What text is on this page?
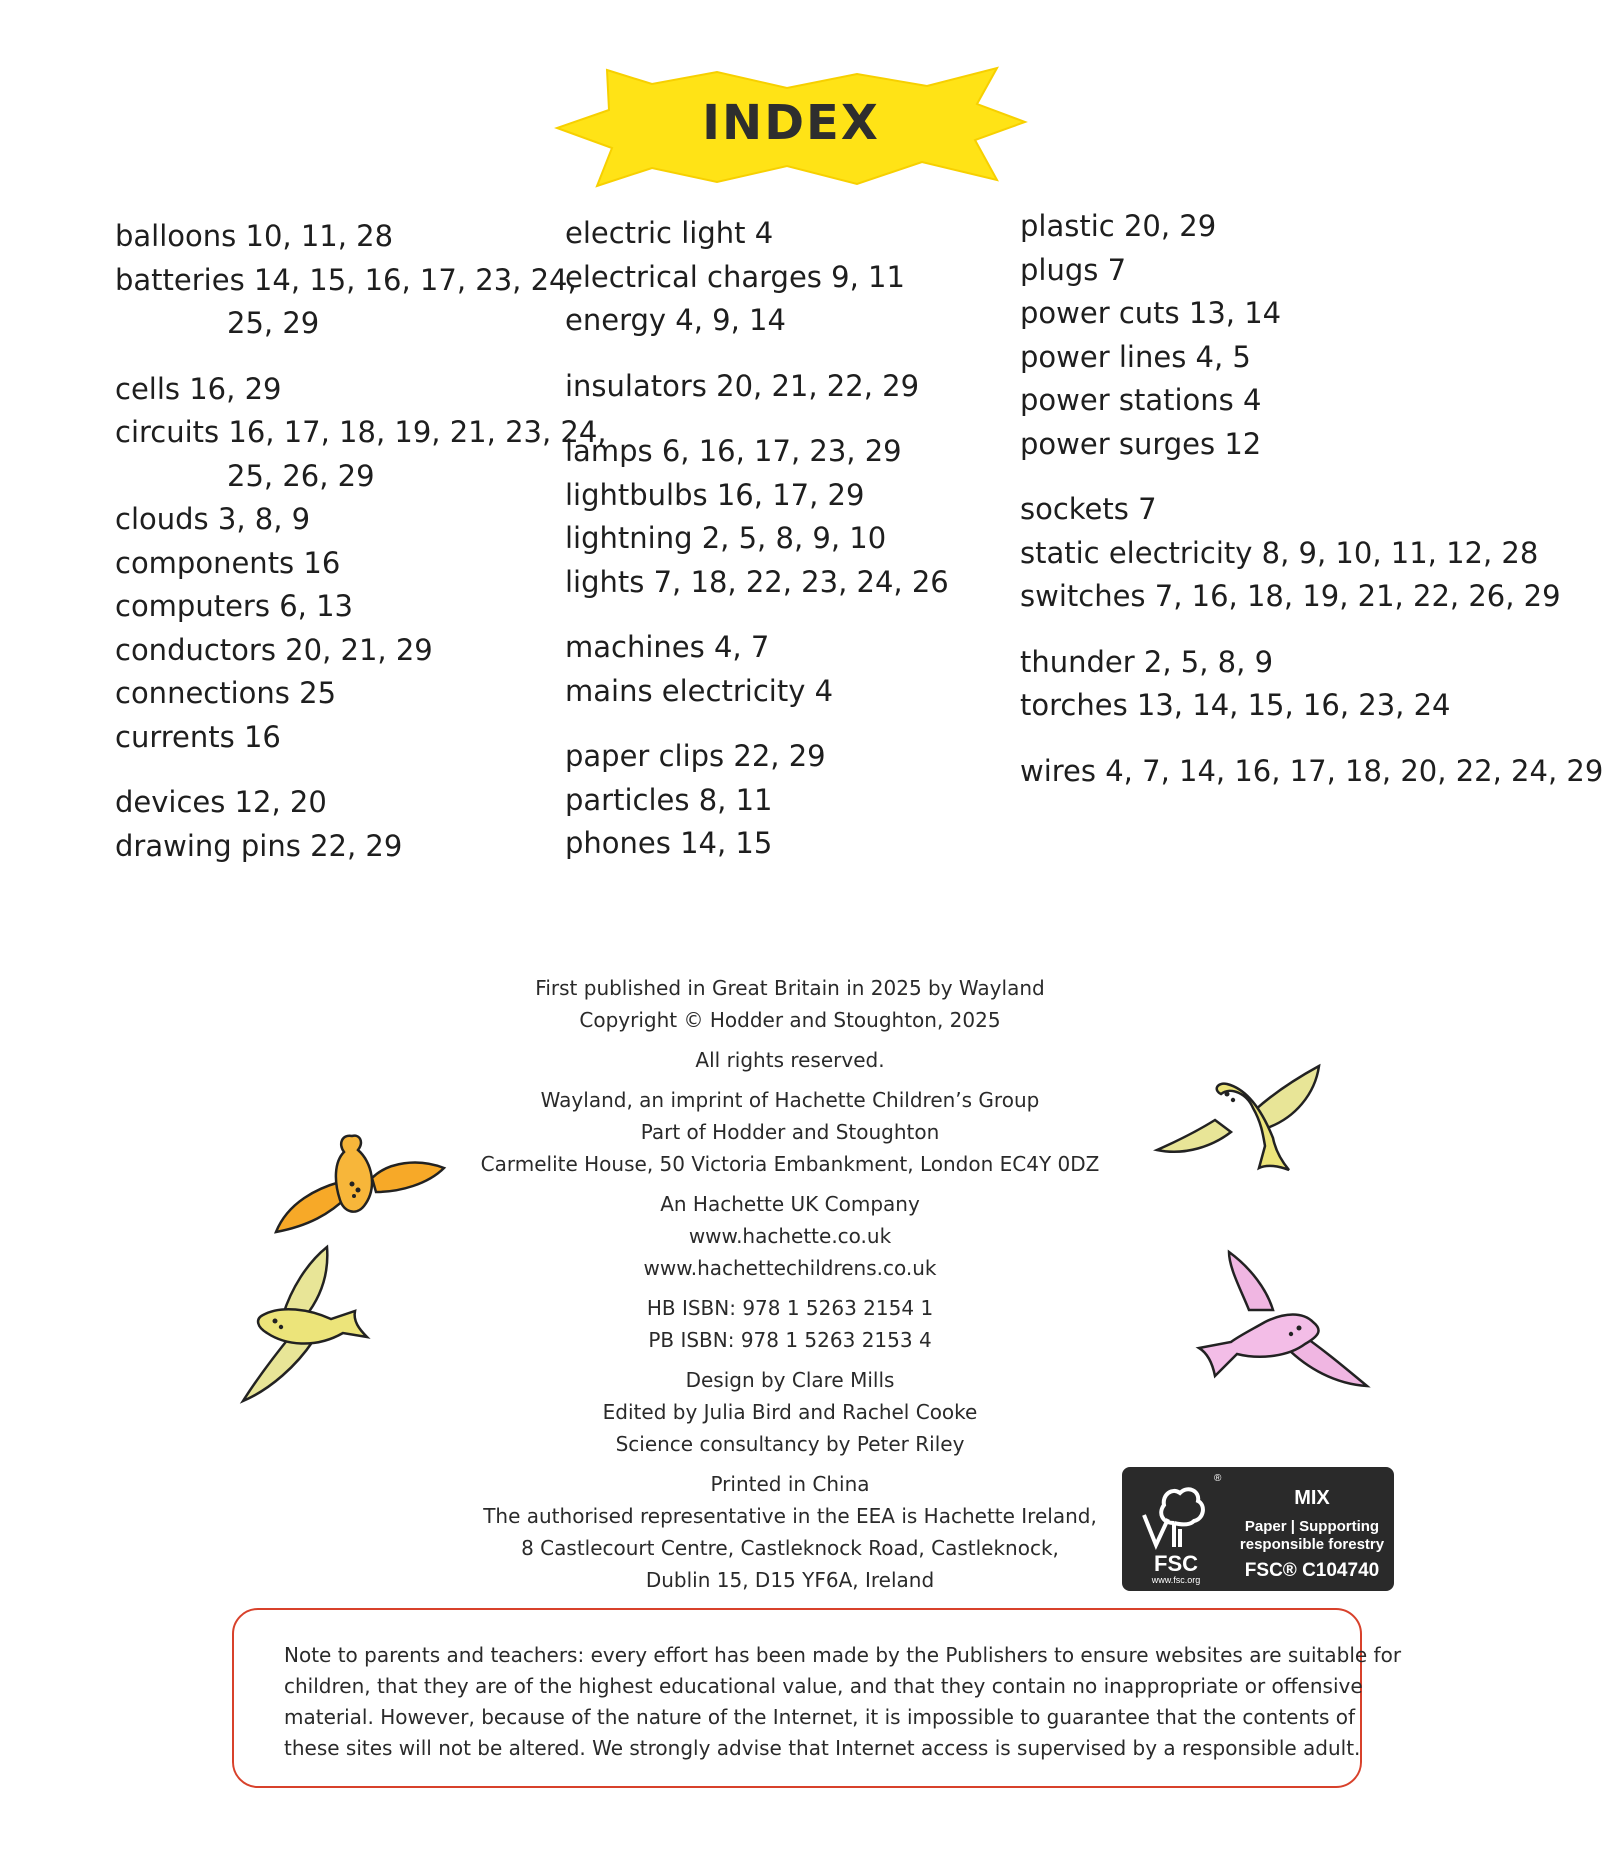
INDEX
balloons 10, 11, 28
batteries 14, 15, 16, 17, 23, 24,
25, 29
cells 16, 29
circuits 16, 17, 18, 19, 21, 23, 24,
25, 26, 29
clouds 3, 8, 9
components 16
computers 6, 13
conductors 20, 21, 29
connections 25
currents 16
devices 12, 20
drawing pins 22, 29
electric light 4
electrical charges 9, 11
energy 4, 9, 14
insulators 20, 21, 22, 29
lamps 6, 16, 17, 23, 29
lightbulbs 16, 17, 29
lightning 2, 5, 8, 9, 10
lights 7, 18, 22, 23, 24, 26
machines 4, 7
mains electricity 4
paper clips 22, 29
particles 8, 11
phones 14, 15
plastic 20, 29
plugs 7
power cuts 13, 14
power lines 4, 5
power stations 4
power surges 12
sockets 7
static electricity 8, 9, 10, 11, 12, 28
switches 7, 16, 18, 19, 21, 22, 26, 29
thunder 2, 5, 8, 9
torches 13, 14, 15, 16, 23, 24
wires 4, 7, 14, 16, 17, 18, 20, 22, 24, 29
First published in Great Britain in 2025 by Wayland
Copyright © Hodder and Stoughton, 2025
All rights reserved.
Wayland, an imprint of Hachette Children’s Group
Part of Hodder and Stoughton
Carmelite House, 50 Victoria Embankment, London EC4Y 0DZ
An Hachette UK Company
www.hachette.co.uk
www.hachettechildrens.co.uk
HB ISBN: 978 1 5263 2154 1
PB ISBN: 978 1 5263 2153 4
Design by Clare Mills
Edited by Julia Bird and Rachel Cooke
Science consultancy by Peter Riley
Printed in China
The authorised representative in the EEA is Hachette Ireland,
8 Castlecourt Centre, Castleknock Road, Castleknock,
Dublin 15, D15 YF6A, Ireland
®
FSC
www.fsc.org
MIX
Paper | Supporting
responsible forestry
FSC® C104740
Note to parents and teachers: every effort has been made by the Publishers to ensure websites are suitable for
children, that they are of the highest educational value, and that they contain no inappropriate or offensive
material. However, because of the nature of the Internet, it is impossible to guarantee that the contents of
these sites will not be altered. We strongly advise that Internet access is supervised by a responsible adult.
